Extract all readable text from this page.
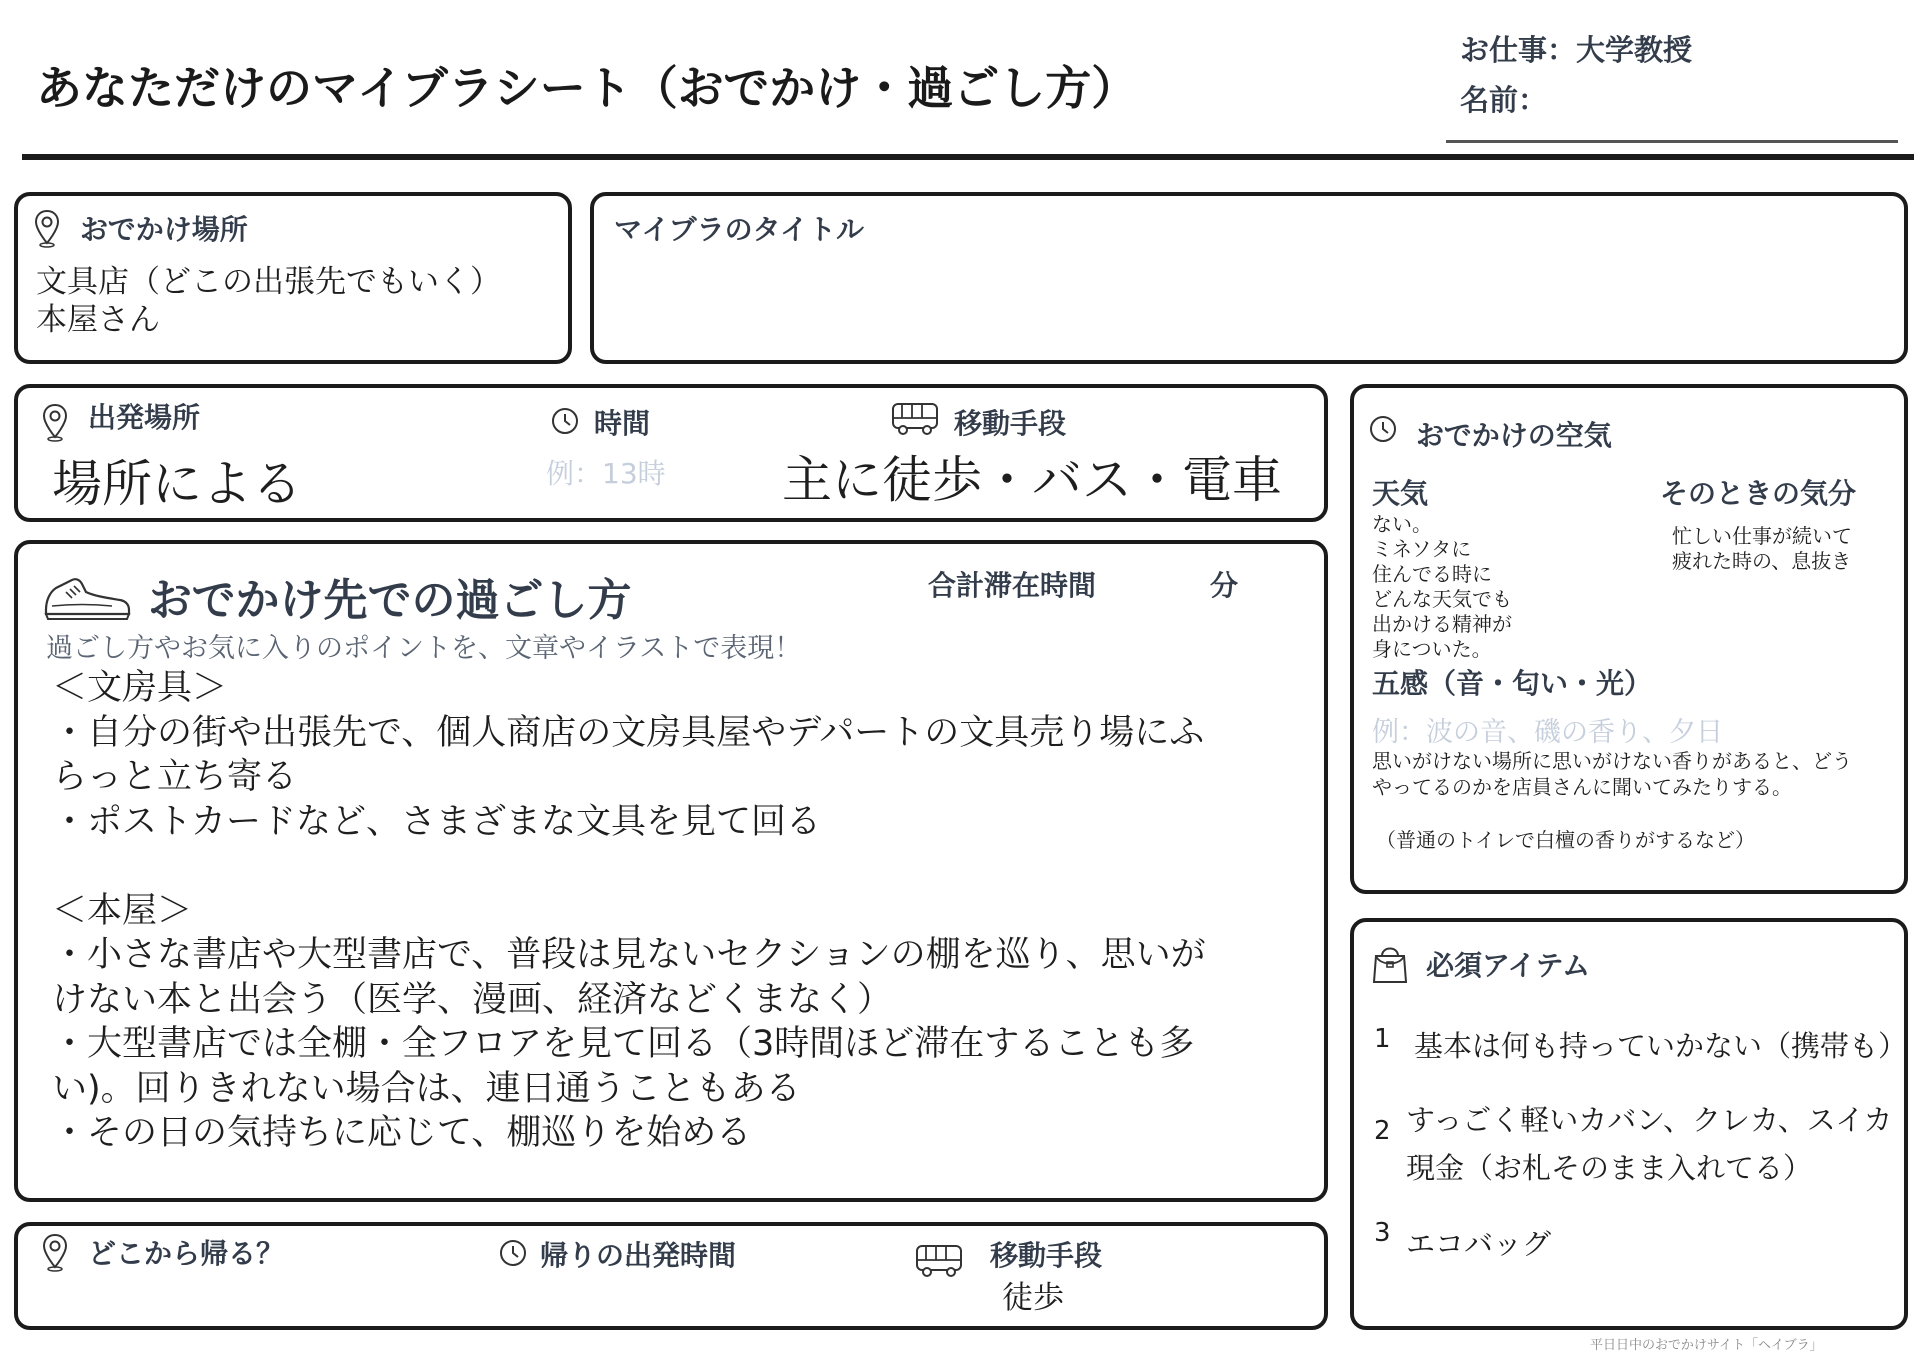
あなただけのマイブラシート（おでかけ・過ごし方）
お仕事：大学教授
名前：
おでかけ場所
文具店（どこの出張先でもいく）
本屋さん
マイブラのタイトル
出発場所
場所による
時間
例：13時
移動手段
主に徒歩・バス・電車
おでかけ先での過ごし方	合計滞在時間	分
過ごし方やお気に入りのポイントを、文章やイラストで表現！
＜文房具＞
・自分の街や出張先で、個人商店の文房具屋やデパートの文具売り場にふ
らっと立ち寄る
・ポストカードなど、さまざまな文具を見て回る
＜本屋＞
・小さな書店や大型書店で、普段は見ないセクションの棚を巡り、思いが
けない本と出会う（医学、漫画、経済などくまなく）
・大型書店では全棚・全フロアを見て回る（3時間ほど滞在することも多
い)。回りきれない場合は、連日通うこともある
・その日の気持ちに応じて、棚巡りを始める
どこから帰る？	帰りの出発時間	移動手段
徒歩
おでかけの空気
天気
ない。
ミネソタに
住んでる時に
どんな天気でも
出かける精神が
身についた。
そのときの気分
忙しい仕事が続いて
疲れた時の、息抜き
五感（音・匂い・光）
例：波の音、磯の香り、夕日
思いがけない場所に思いがけない香りがあると、どう
やってるのかを店員さんに聞いてみたりする。
（普通のトイレで白檀の香りがするなど）
必須アイテム
1 基本は何も持っていかない（携帯も）
2 すっごく軽いカバン、クレカ、スイカ
現金（お札そのまま入れてる）
3 エコバッグ
平日日中のおでかけサイト「ヘイブラ」
